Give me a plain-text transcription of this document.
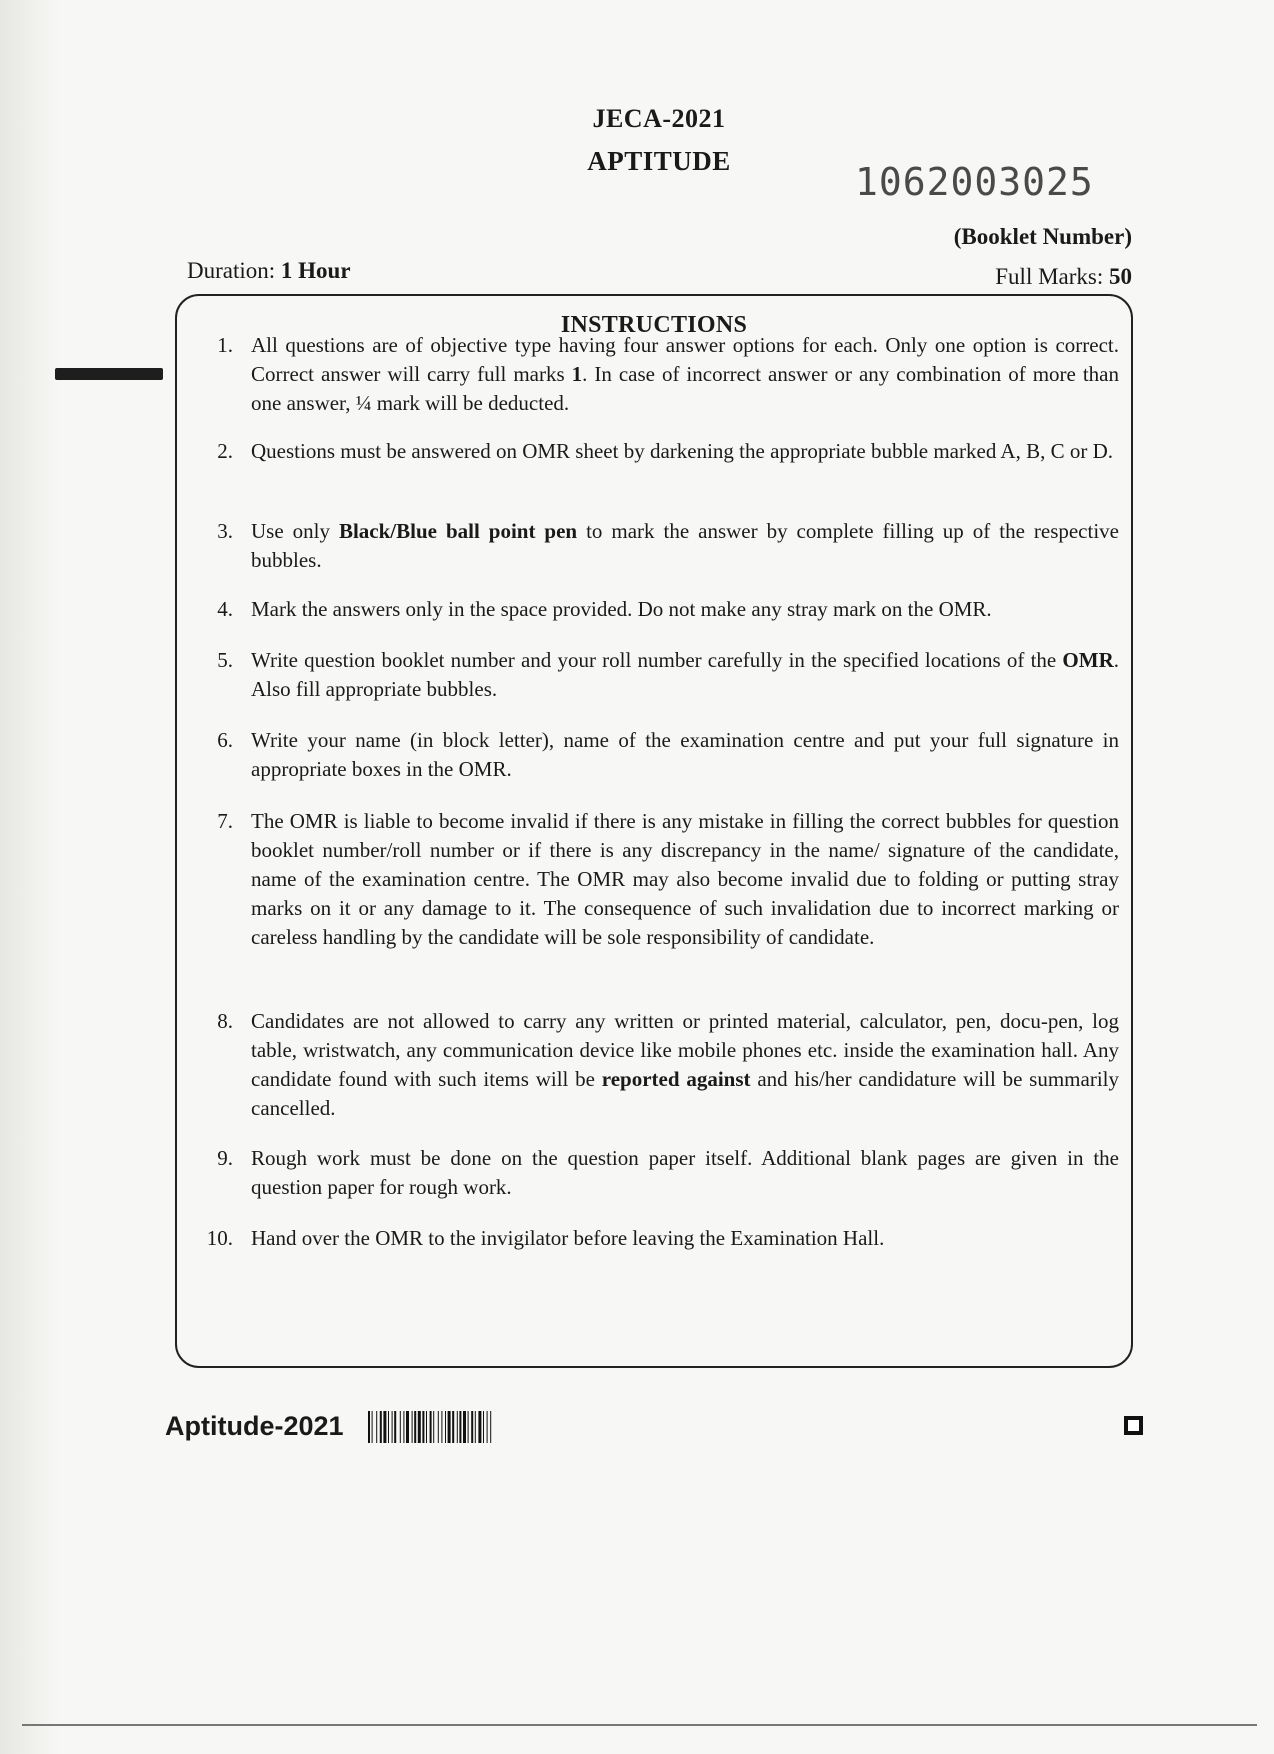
JECA-2021
APTITUDE	1062003025
(Booklet Number)
Duration: 1 Hour	Full Marks: 50
INSTRUCTIONS
1. All questions are of objective type having four answer options for each. Only one option is correct. Correct answer will carry full marks 1. In case of incorrect answer or any combination of more than one answer, ¼ mark will be deducted.
2. Questions must be answered on OMR sheet by darkening the appropriate bubble marked A, B, C or D.
3. Use only Black/Blue ball point pen to mark the answer by complete filling up of the respective bubbles.
4. Mark the answers only in the space provided. Do not make any stray mark on the OMR.
5. Write question booklet number and your roll number carefully in the specified locations of the OMR. Also fill appropriate bubbles.
6. Write your name (in block letter), name of the examination centre and put your full signature in appropriate boxes in the OMR.
7. The OMR is liable to become invalid if there is any mistake in filling the correct bubbles for question booklet number/roll number or if there is any discrepancy in the name/ signature of the candidate, name of the examination centre. The OMR may also become invalid due to folding or putting stray marks on it or any damage to it. The consequence of such invalidation due to incorrect marking or careless handling by the candidate will be sole responsibility of candidate.
8. Candidates are not allowed to carry any written or printed material, calculator, pen, docu-pen, log table, wristwatch, any communication device like mobile phones etc. inside the examination hall. Any candidate found with such items will be reported against and his/her candidature will be summarily cancelled.
9. Rough work must be done on the question paper itself. Additional blank pages are given in the question paper for rough work.
10. Hand over the OMR to the invigilator before leaving the Examination Hall.
Aptitude-2021
